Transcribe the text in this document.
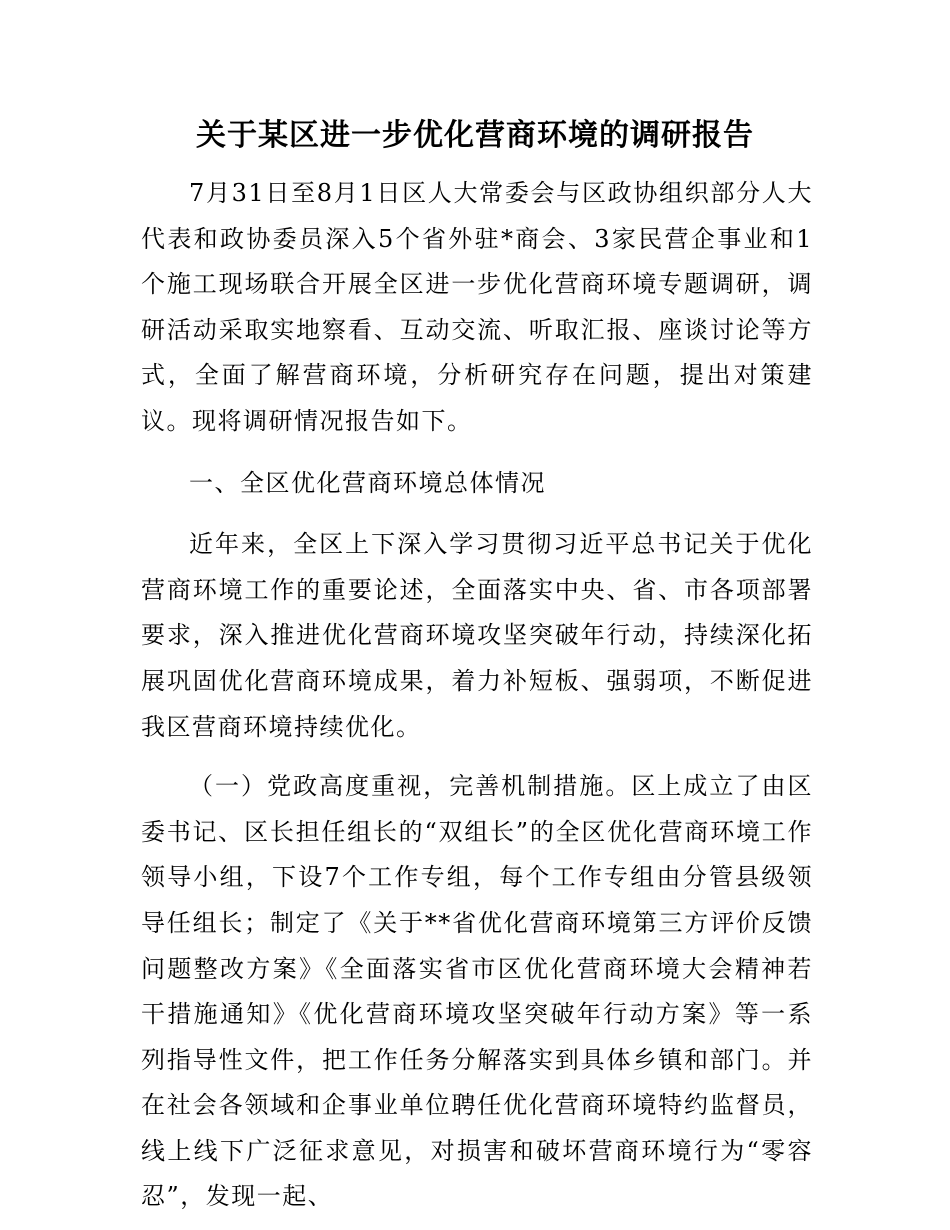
关于某区进一步优化营商环境的调研报告

7月31日至8月1日区人大常委会与区政协组织部分人大代表和政协委员深入5个省外驻*商会、3家民营企事业和1个施工现场联合开展全区进一步优化营商环境专题调研，调研活动采取实地察看、互动交流、听取汇报、座谈讨论等方式，全面了解营商环境，分析研究存在问题，提出对策建议。现将调研情况报告如下。

一、全区优化营商环境总体情况

近年来，全区上下深入学习贯彻习近平总书记关于优化营商环境工作的重要论述，全面落实中央、省、市各项部署要求，深入推进优化营商环境攻坚突破年行动，持续深化拓展巩固优化营商环境成果，着力补短板、强弱项，不断促进我区营商环境持续优化。

（一）党政高度重视，完善机制措施。区上成立了由区委书记、区长担任组长的“双组长”的全区优化营商环境工作领导小组，下设7个工作专组，每个工作专组由分管县级领导任组长；制定了《关于**省优化营商环境第三方评价反馈问题整改方案》《全面落实省市区优化营商环境大会精神若干措施通知》《优化营商环境攻坚突破年行动方案》等一系列指导性文件，把工作任务分解落实到具体乡镇和部门。并在社会各领域和企事业单位聘任优化营商环境特约监督员，线上线下广泛征求意见，对损害和破坏营商环境行为“零容忍”，发现一起、
